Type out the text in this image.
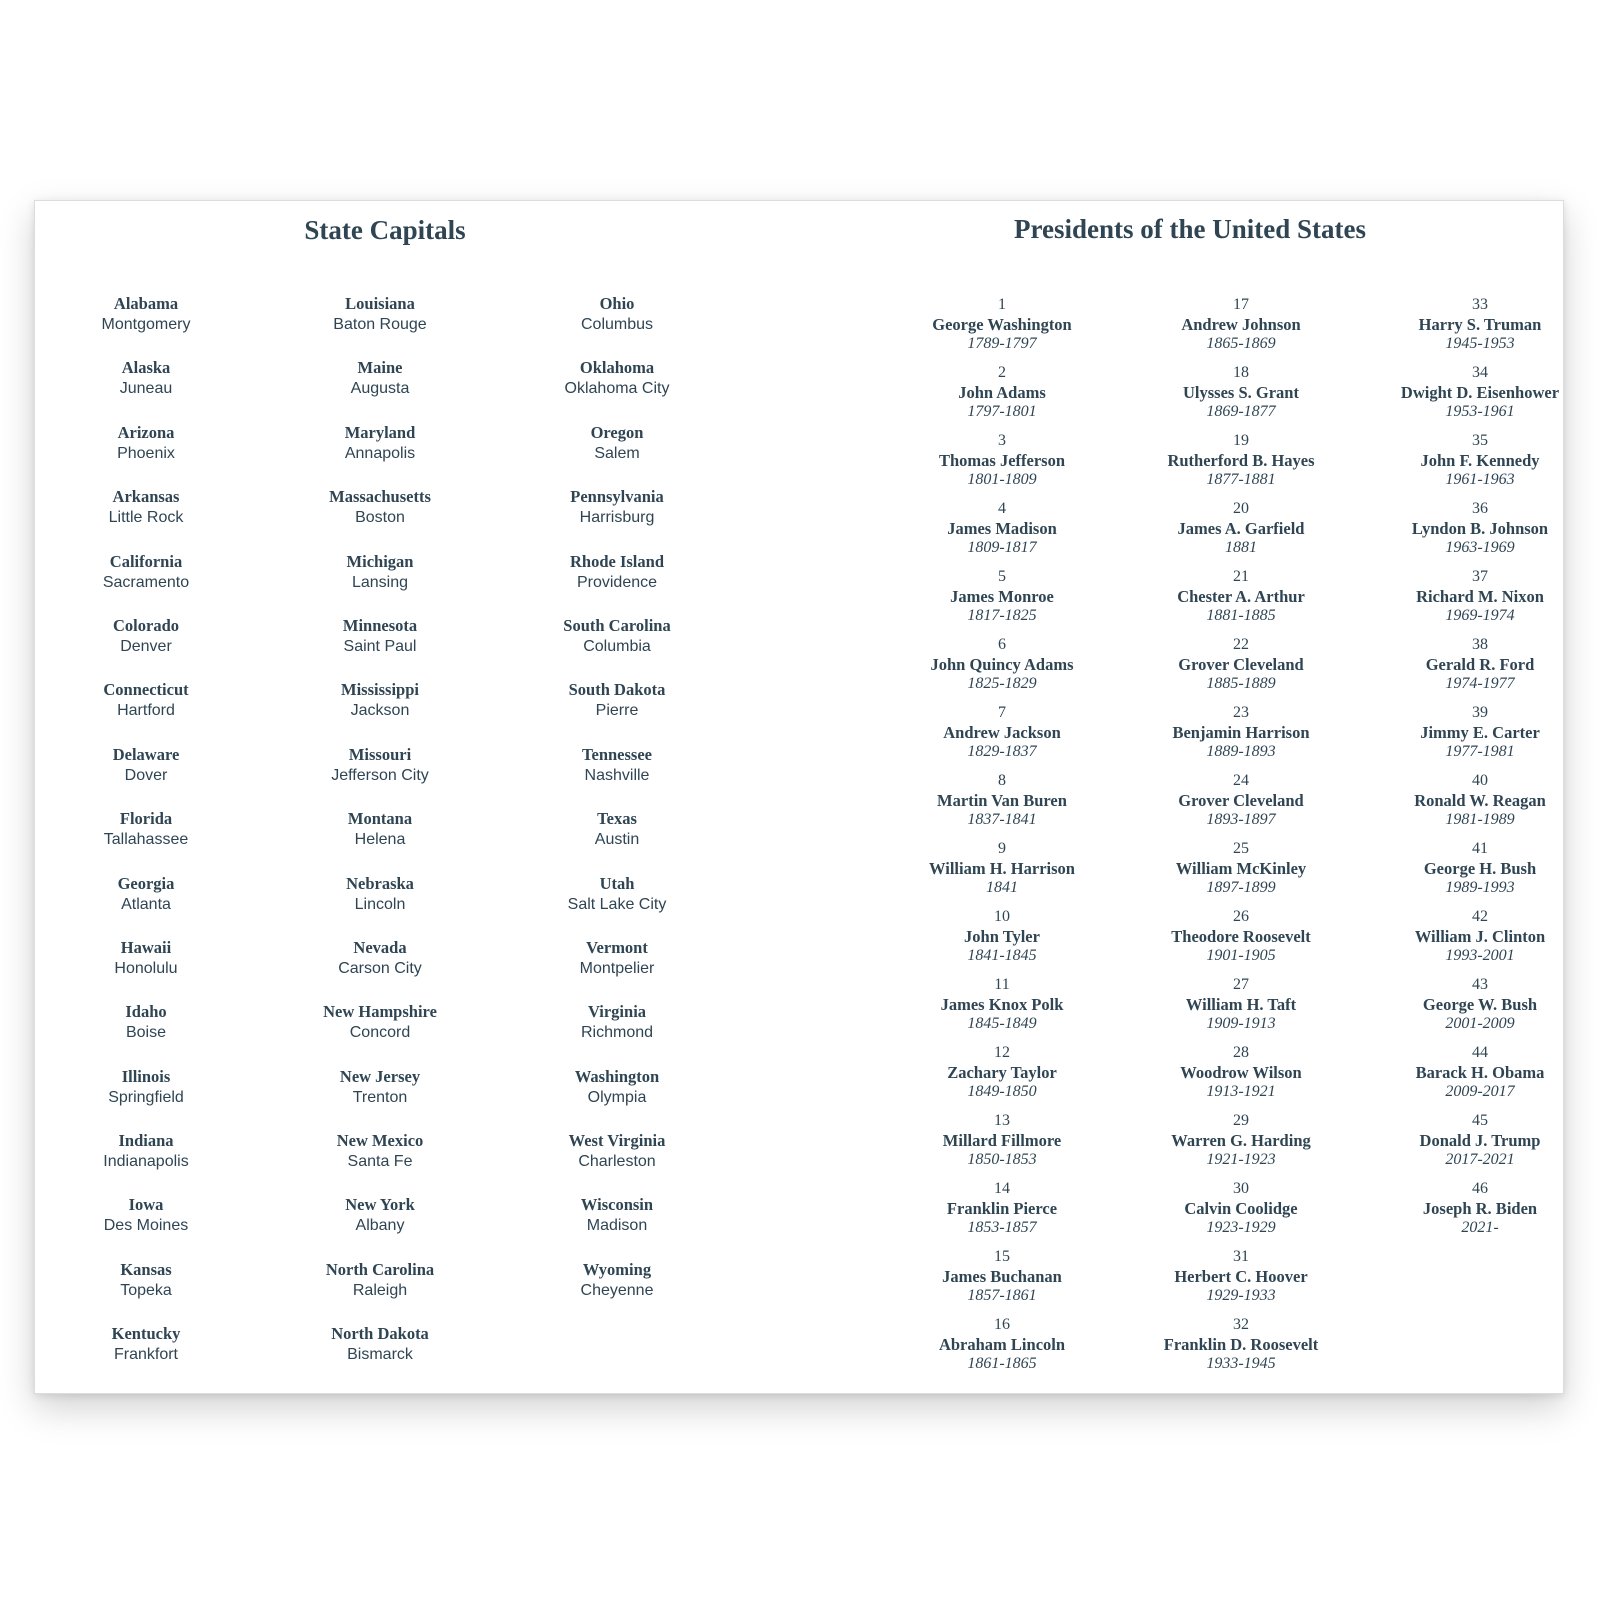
State Capitals
Alabama
Montgomery
Alaska
Juneau
Arizona
Phoenix
Arkansas
Little Rock
California
Sacramento
Colorado
Denver
Connecticut
Hartford
Delaware
Dover
Florida
Tallahassee
Georgia
Atlanta
Hawaii
Honolulu
Idaho
Boise
Illinois
Springfield
Indiana
Indianapolis
Iowa
Des Moines
Kansas
Topeka
Kentucky
Frankfort
Louisiana
Baton Rouge
Maine
Augusta
Maryland
Annapolis
Massachusetts
Boston
Michigan
Lansing
Minnesota
Saint Paul
Mississippi
Jackson
Missouri
Jefferson City
Montana
Helena
Nebraska
Lincoln
Nevada
Carson City
New Hampshire
Concord
New Jersey
Trenton
New Mexico
Santa Fe
New York
Albany
North Carolina
Raleigh
North Dakota
Bismarck
Ohio
Columbus
Oklahoma
Oklahoma City
Oregon
Salem
Pennsylvania
Harrisburg
Rhode Island
Providence
South Carolina
Columbia
South Dakota
Pierre
Tennessee
Nashville
Texas
Austin
Utah
Salt Lake City
Vermont
Montpelier
Virginia
Richmond
Washington
Olympia
West Virginia
Charleston
Wisconsin
Madison
Wyoming
Cheyenne
Presidents of the United States
1
George Washington
1789-1797
2
John Adams
1797-1801
3
Thomas Jefferson
1801-1809
4
James Madison
1809-1817
5
James Monroe
1817-1825
6
John Quincy Adams
1825-1829
7
Andrew Jackson
1829-1837
8
Martin Van Buren
1837-1841
9
William H. Harrison
1841
10
John Tyler
1841-1845
11
James Knox Polk
1845-1849
12
Zachary Taylor
1849-1850
13
Millard Fillmore
1850-1853
14
Franklin Pierce
1853-1857
15
James Buchanan
1857-1861
16
Abraham Lincoln
1861-1865
17
Andrew Johnson
1865-1869
18
Ulysses S. Grant
1869-1877
19
Rutherford B. Hayes
1877-1881
20
James A. Garfield
1881
21
Chester A. Arthur
1881-1885
22
Grover Cleveland
1885-1889
23
Benjamin Harrison
1889-1893
24
Grover Cleveland
1893-1897
25
William McKinley
1897-1899
26
Theodore Roosevelt
1901-1905
27
William H. Taft
1909-1913
28
Woodrow Wilson
1913-1921
29
Warren G. Harding
1921-1923
30
Calvin Coolidge
1923-1929
31
Herbert C. Hoover
1929-1933
32
Franklin D. Roosevelt
1933-1945
33
Harry S. Truman
1945-1953
34
Dwight D. Eisenhower
1953-1961
35
John F. Kennedy
1961-1963
36
Lyndon B. Johnson
1963-1969
37
Richard M. Nixon
1969-1974
38
Gerald R. Ford
1974-1977
39
Jimmy E. Carter
1977-1981
40
Ronald W. Reagan
1981-1989
41
George H. Bush
1989-1993
42
William J. Clinton
1993-2001
43
George W. Bush
2001-2009
44
Barack H. Obama
2009-2017
45
Donald J. Trump
2017-2021
46
Joseph R. Biden
2021-
